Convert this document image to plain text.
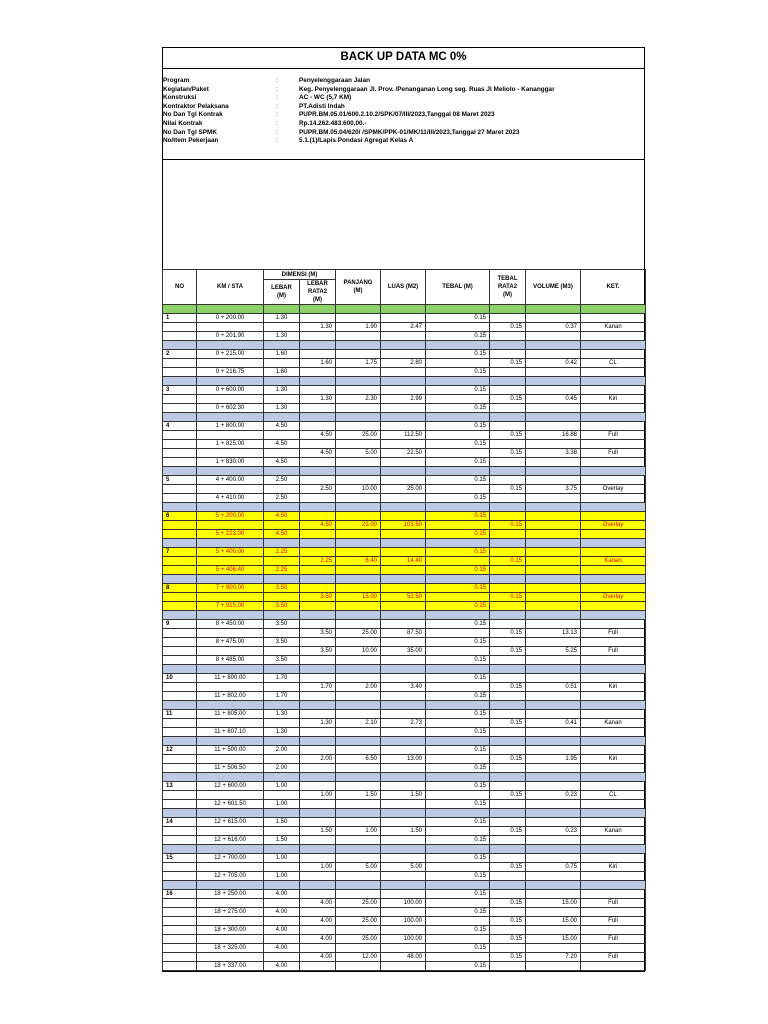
BACK UP DATA MC 0%
Program	:	Penyelenggaraan Jalan
Kegiatan/Paket	:	Keg. Penyelenggaraan Jl. Prov. /Penanganan Long seg. Ruas Jl Meliolo - Kananggar
Konstruksi	:	AC - WC (5,7 KM)
Kontraktor Pelaksana	:	PT.Adisti Indah
No Dan Tgl Kontrak	:	PUPR.BM.05.01/600.2.10.2/SPK/07/III/2023,Tanggal 08 Maret 2023
Nilai Kontrak	:	Rp.14.262.483.600,00.-
No Dan Tgl SPMK	:	PUPR.BM.05.04/620/ /SPMK/PPK-01/MK/11/III/2023,Tanggal 27 Maret 2023
No/Item Pekerjaan	:	5.1.(1)/Lapis Pondasi Agregat Kelas A
NO	KM / STA	DIMENSI (M)		PANJANG (M)	LUAS (M2)	TEBAL (M)	TEBAL RATA2 (M)	VOLUME (M3)	KET.
		LEBAR (M)	LEBAR RATA2 (M)						

1	0 + 200.00	1.30				0.15			
			1.30	1.90	2.47		0.15	0.37	Kanan
	0 + 201.90	1.30				0.15			

2	0 + 215.00	1.60				0.15			
			1.60	1.75	2.80		0.15	0.42	CL
	0 + 216.75	1.60				0.15			

3	0 + 600.00	1.30				0.15			
			1.30	2.30	2.99		0.15	0.45	Kiri
	0 + 602.30	1.30				0.15			

4	1 + 800.00	4.50				0.15			
			4.50	25.00	112.50		0.15	16.88	Full
	1 + 825.00	4.50				0.15			
			4.50	5.00	22.50		0.15	3.38	Full
	1 + 830.00	4.50				0.15			

5	4 + 400.00	2.50				0.15			
			2.50	10.00	25.00		0.15	3.75	Overlay
	4 + 410.00	2.50				0.15			

6	5 + 200.00	4.50				0.15			
			4.50	23.00	103.50		0.15		Overlay
	5 + 223.00	4.50				0.15			

7	5 + 400.00	2.25				0.15			
			2.25	6.40	14.40		0.15		Kanan
	5 + 406.40	2.25				0.15			

8	7 + 900.00	3.50				0.15			
			3.50	15.00	52.50		0.15		Overlay
	7 + 915.00	3.50				0.15			

9	8 + 450.00	3.50				0.15			
			3.50	25.00	87.50		0.15	13.13	Full
	8 + 475.00	3.50				0.15			
			3.50	10.00	35.00		0.15	5.25	Full
	8 + 485.00	3.50				0.15			

10	11 + 800.00	1.70				0.15			
			1.70	2.00	3.40		0.15	0.51	Kiri
	11 + 802.00	1.70				0.15			

11	11 + 805.00	1.30				0.15			
			1.30	2.10	2.73		0.15	0.41	Kanan
	11 + 807.10	1.30				0.15			

12	11 + 500.00	2.00				0.15			
			2.00	6.50	13.00		0.15	1.95	Kiri
	11 + 506.50	2.00				0.15			

13	12 + 600.00	1.00				0.15			
			1.00	1.50	1.50		0.15	0.23	CL
	12 + 601.50	1.00				0.15			

14	12 + 615.00	1.50				0.15			
			1.50	1.00	1.50		0.15	0.23	Kanan
	12 + 616.00	1.50				0.15			

15	12 + 700.00	1.00				0.15			
			1.00	5.00	5.00		0.15	0.75	Kiri
	12 + 705.00	1.00				0.15			

16	18 + 250.00	4.00				0.15			
			4.00	25.00	100.00		0.15	15.00	Full
	18 + 275.00	4.00				0.15			
			4.00	25.00	100.00		0.15	15.00	Full
	18 + 300.00	4.00				0.15			
			4.00	25.00	100.00		0.15	15.00	Full
	18 + 325.00	4.00				0.15			
			4.00	12.00	48.00		0.15	7.20	Full
	18 + 337.00	4.00				0.15			
